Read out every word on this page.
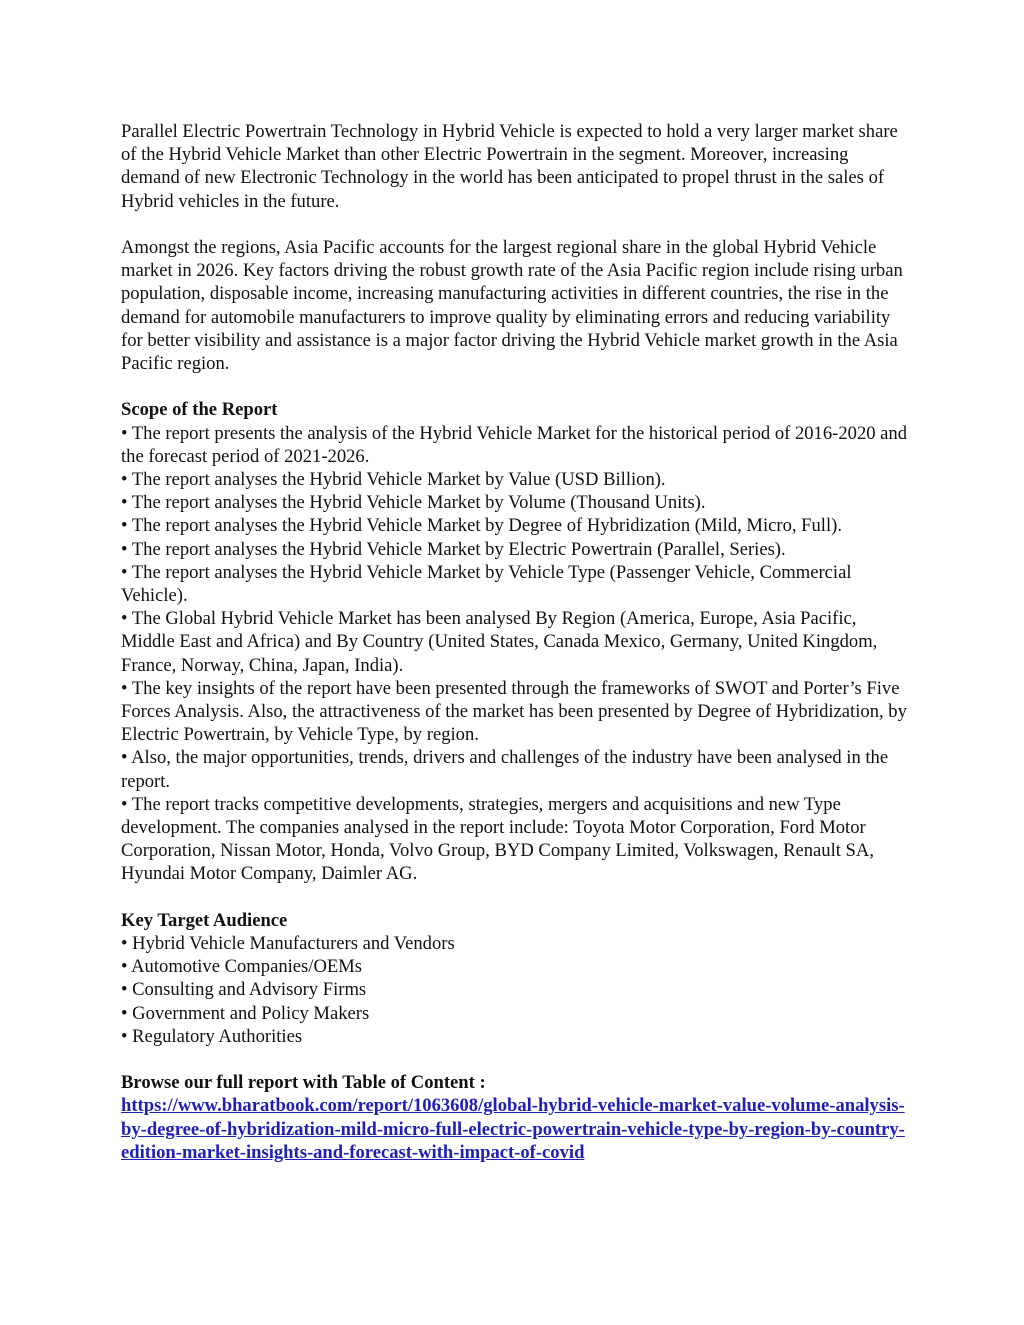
Parallel Electric Powertrain Technology in Hybrid Vehicle is expected to hold a very larger market share of the Hybrid Vehicle Market than other Electric Powertrain in the segment. Moreover, increasing demand of new Electronic Technology in the world has been anticipated to propel thrust in the sales of Hybrid vehicles in the future.

Amongst the regions, Asia Pacific accounts for the largest regional share in the global Hybrid Vehicle market in 2026. Key factors driving the robust growth rate of the Asia Pacific region include rising urban population, disposable income, increasing manufacturing activities in different countries, the rise in the demand for automobile manufacturers to improve quality by eliminating errors and reducing variability for better visibility and assistance is a major factor driving the Hybrid Vehicle market growth in the Asia Pacific region.

Scope of the Report

• The report presents the analysis of the Hybrid Vehicle Market for the historical period of 2016-2020 and the forecast period of 2021-2026.
• The report analyses the Hybrid Vehicle Market by Value (USD Billion).
• The report analyses the Hybrid Vehicle Market by Volume (Thousand Units).
• The report analyses the Hybrid Vehicle Market by Degree of Hybridization (Mild, Micro, Full).
• The report analyses the Hybrid Vehicle Market by Electric Powertrain (Parallel, Series).
• The report analyses the Hybrid Vehicle Market by Vehicle Type (Passenger Vehicle, Commercial Vehicle).
• The Global Hybrid Vehicle Market has been analysed By Region (America, Europe, Asia Pacific, Middle East and Africa) and By Country (United States, Canada Mexico, Germany, United Kingdom, France, Norway, China, Japan, India).
• The key insights of the report have been presented through the frameworks of SWOT and Porter’s Five Forces Analysis. Also, the attractiveness of the market has been presented by Degree of Hybridization, by Electric Powertrain, by Vehicle Type, by region.
• Also, the major opportunities, trends, drivers and challenges of the industry have been analysed in the report.
• The report tracks competitive developments, strategies, mergers and acquisitions and new Type development. The companies analysed in the report include: Toyota Motor Corporation, Ford Motor Corporation, Nissan Motor, Honda, Volvo Group, BYD Company Limited, Volkswagen, Renault SA, Hyundai Motor Company, Daimler AG.

Key Target Audience

• Hybrid Vehicle Manufacturers and Vendors
• Automotive Companies/OEMs
• Consulting and Advisory Firms
• Government and Policy Makers
• Regulatory Authorities

Browse our full report with Table of Content :

https://www.bharatbook.com/report/1063608/global-hybrid-vehicle-market-value-volume-analysis-by-degree-of-hybridization-mild-micro-full-electric-powertrain-vehicle-type-by-region-by-country-edition-market-insights-and-forecast-with-impact-of-covid
